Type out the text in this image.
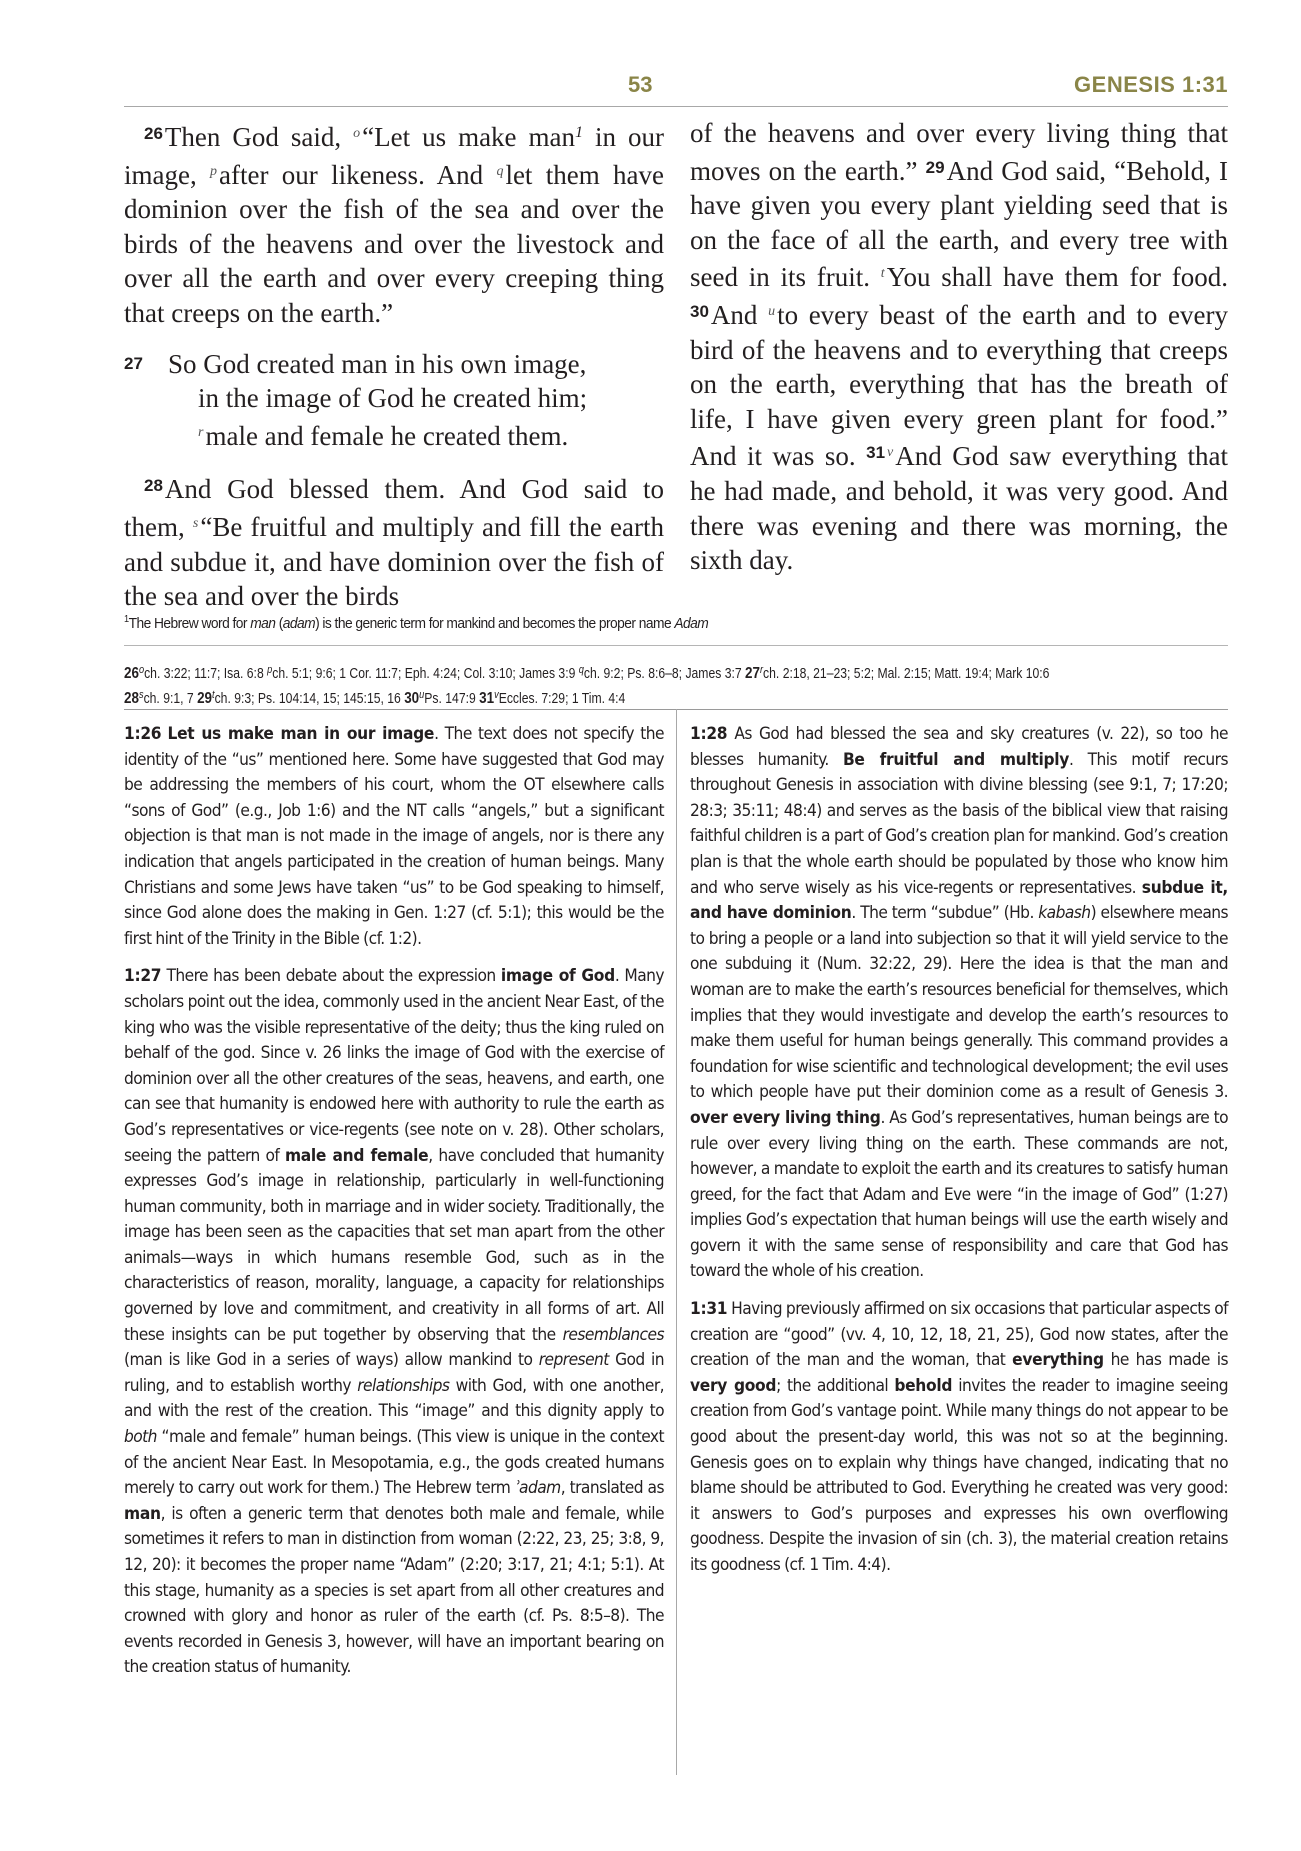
53	GENESIS 1:31

$^{26}$Then God said, $^o$“Let us make man$^1$ in our image, $^p$after our likeness. And $^q$let them have dominion over the fish of the sea and over the birds of the heavens and over the livestock and over all the earth and over every creeping thing that creeps on the earth.”

27 So God created man in his own image,
in the image of God he created him;
$^r$male and female he created them.

$^{28}$And God blessed them. And God said to them, $^s$“Be fruitful and multiply and fill the earth and subdue it, and have dominion over the fish of the sea and over the birds

of the heavens and over every living thing that moves on the earth.” $^{29}$And God said, “Behold, I have given you every plant yielding seed that is on the face of all the earth, and every tree with seed in its fruit. $^t$You shall have them for food. $^{30}$And $^u$to every beast of the earth and to every bird of the heavens and to everything that creeps on the earth, everything that has the breath of life, I have given every green plant for food.” And it was so. $^{31}$ $^v$And God saw everything that he had made, and behold, it was very good. And there was evening and there was morning, the sixth day.

$^1$The Hebrew word for man (adam) is the generic term for mankind and becomes the proper name Adam
26$^o$ch. 3:22; 11:7; Isa. 6:8 $^p$ch. 5:1; 9:6; 1 Cor. 11:7; Eph. 4:24; Col. 3:10; James 3:9 $^q$ch. 9:2; Ps. 8:6–8; James 3:7 27$^r$ch. 2:18, 21–23; 5:2; Mal. 2:15; Matt. 19:4; Mark 10:6
28$^s$ch. 9:1, 7 29$^t$ch. 9:3; Ps. 104:14, 15; 145:15, 16 30$^u$Ps. 147:9 31$^v$Eccles. 7:29; 1 Tim. 4:4

1:26 Let us make man in our image. The text does not specify the identity of the “us” mentioned here. Some have suggested that God may be addressing the members of his court, whom the OT elsewhere calls “sons of God” (e.g., Job 1:6) and the NT calls “angels,” but a significant objection is that man is not made in the image of angels, nor is there any indication that angels participated in the creation of human beings. Many Christians and some Jews have taken “us” to be God speaking to himself, since God alone does the making in Gen. 1:27 (cf. 5:1); this would be the first hint of the Trinity in the Bible (cf. 1:2).

1:27 There has been debate about the expression image of God. Many scholars point out the idea, commonly used in the ancient Near East, of the king who was the visible representative of the deity; thus the king ruled on behalf of the god. Since v. 26 links the image of God with the exercise of dominion over all the other creatures of the seas, heavens, and earth, one can see that humanity is endowed here with authority to rule the earth as God’s representatives or vice-regents (see note on v. 28). Other scholars, seeing the pattern of male and female, have concluded that humanity expresses God’s image in relationship, particularly in well-functioning human community, both in marriage and in wider society. Traditionally, the image has been seen as the capacities that set man apart from the other animals—ways in which humans resemble God, such as in the characteristics of reason, morality, language, a capacity for relationships governed by love and commitment, and creativity in all forms of art. All these insights can be put together by observing that the resemblances (man is like God in a series of ways) allow mankind to represent God in ruling, and to establish worthy relationships with God, with one another, and with the rest of the creation. This “image” and this dignity apply to both “male and female” human beings. (This view is unique in the context of the ancient Near East. In Mesopotamia, e.g., the gods created humans merely to carry out work for them.) The Hebrew term ʾadam, translated as man, is often a generic term that denotes both male and female, while sometimes it refers to man in distinction from woman (2:22, 23, 25; 3:8, 9, 12, 20): it becomes the proper name “Adam” (2:20; 3:17, 21; 4:1; 5:1). At this stage, humanity as a species is set apart from all other creatures and crowned with glory and honor as ruler of the earth (cf. Ps. 8:5–8). The events recorded in Genesis 3, however, will have an important bearing on the creation status of humanity.

1:28 As God had blessed the sea and sky creatures (v. 22), so too he blesses humanity. Be fruitful and multiply. This motif recurs throughout Genesis in association with divine blessing (see 9:1, 7; 17:20; 28:3; 35:11; 48:4) and serves as the basis of the biblical view that raising faithful children is a part of God’s creation plan for mankind. God’s creation plan is that the whole earth should be populated by those who know him and who serve wisely as his vice-regents or representatives. subdue it, and have dominion. The term “subdue” (Hb. kabash) elsewhere means to bring a people or a land into subjection so that it will yield service to the one subduing it (Num. 32:22, 29). Here the idea is that the man and woman are to make the earth’s resources beneficial for themselves, which implies that they would investigate and develop the earth’s resources to make them useful for human beings generally. This command provides a foundation for wise scientific and technological development; the evil uses to which people have put their dominion come as a result of Genesis 3. over every living thing. As God’s representatives, human beings are to rule over every living thing on the earth. These commands are not, however, a mandate to exploit the earth and its creatures to satisfy human greed, for the fact that Adam and Eve were “in the image of God” (1:27) implies God’s expectation that human beings will use the earth wisely and govern it with the same sense of responsibility and care that God has toward the whole of his creation.

1:31 Having previously affirmed on six occasions that particular aspects of creation are “good” (vv. 4, 10, 12, 18, 21, 25), God now states, after the creation of the man and the woman, that everything he has made is very good; the additional behold invites the reader to imagine seeing creation from God’s vantage point. While many things do not appear to be good about the present-day world, this was not so at the beginning. Genesis goes on to explain why things have changed, indicating that no blame should be attributed to God. Everything he created was very good: it answers to God’s purposes and expresses his own overflowing goodness. Despite the invasion of sin (ch. 3), the material creation retains its goodness (cf. 1 Tim. 4:4).
